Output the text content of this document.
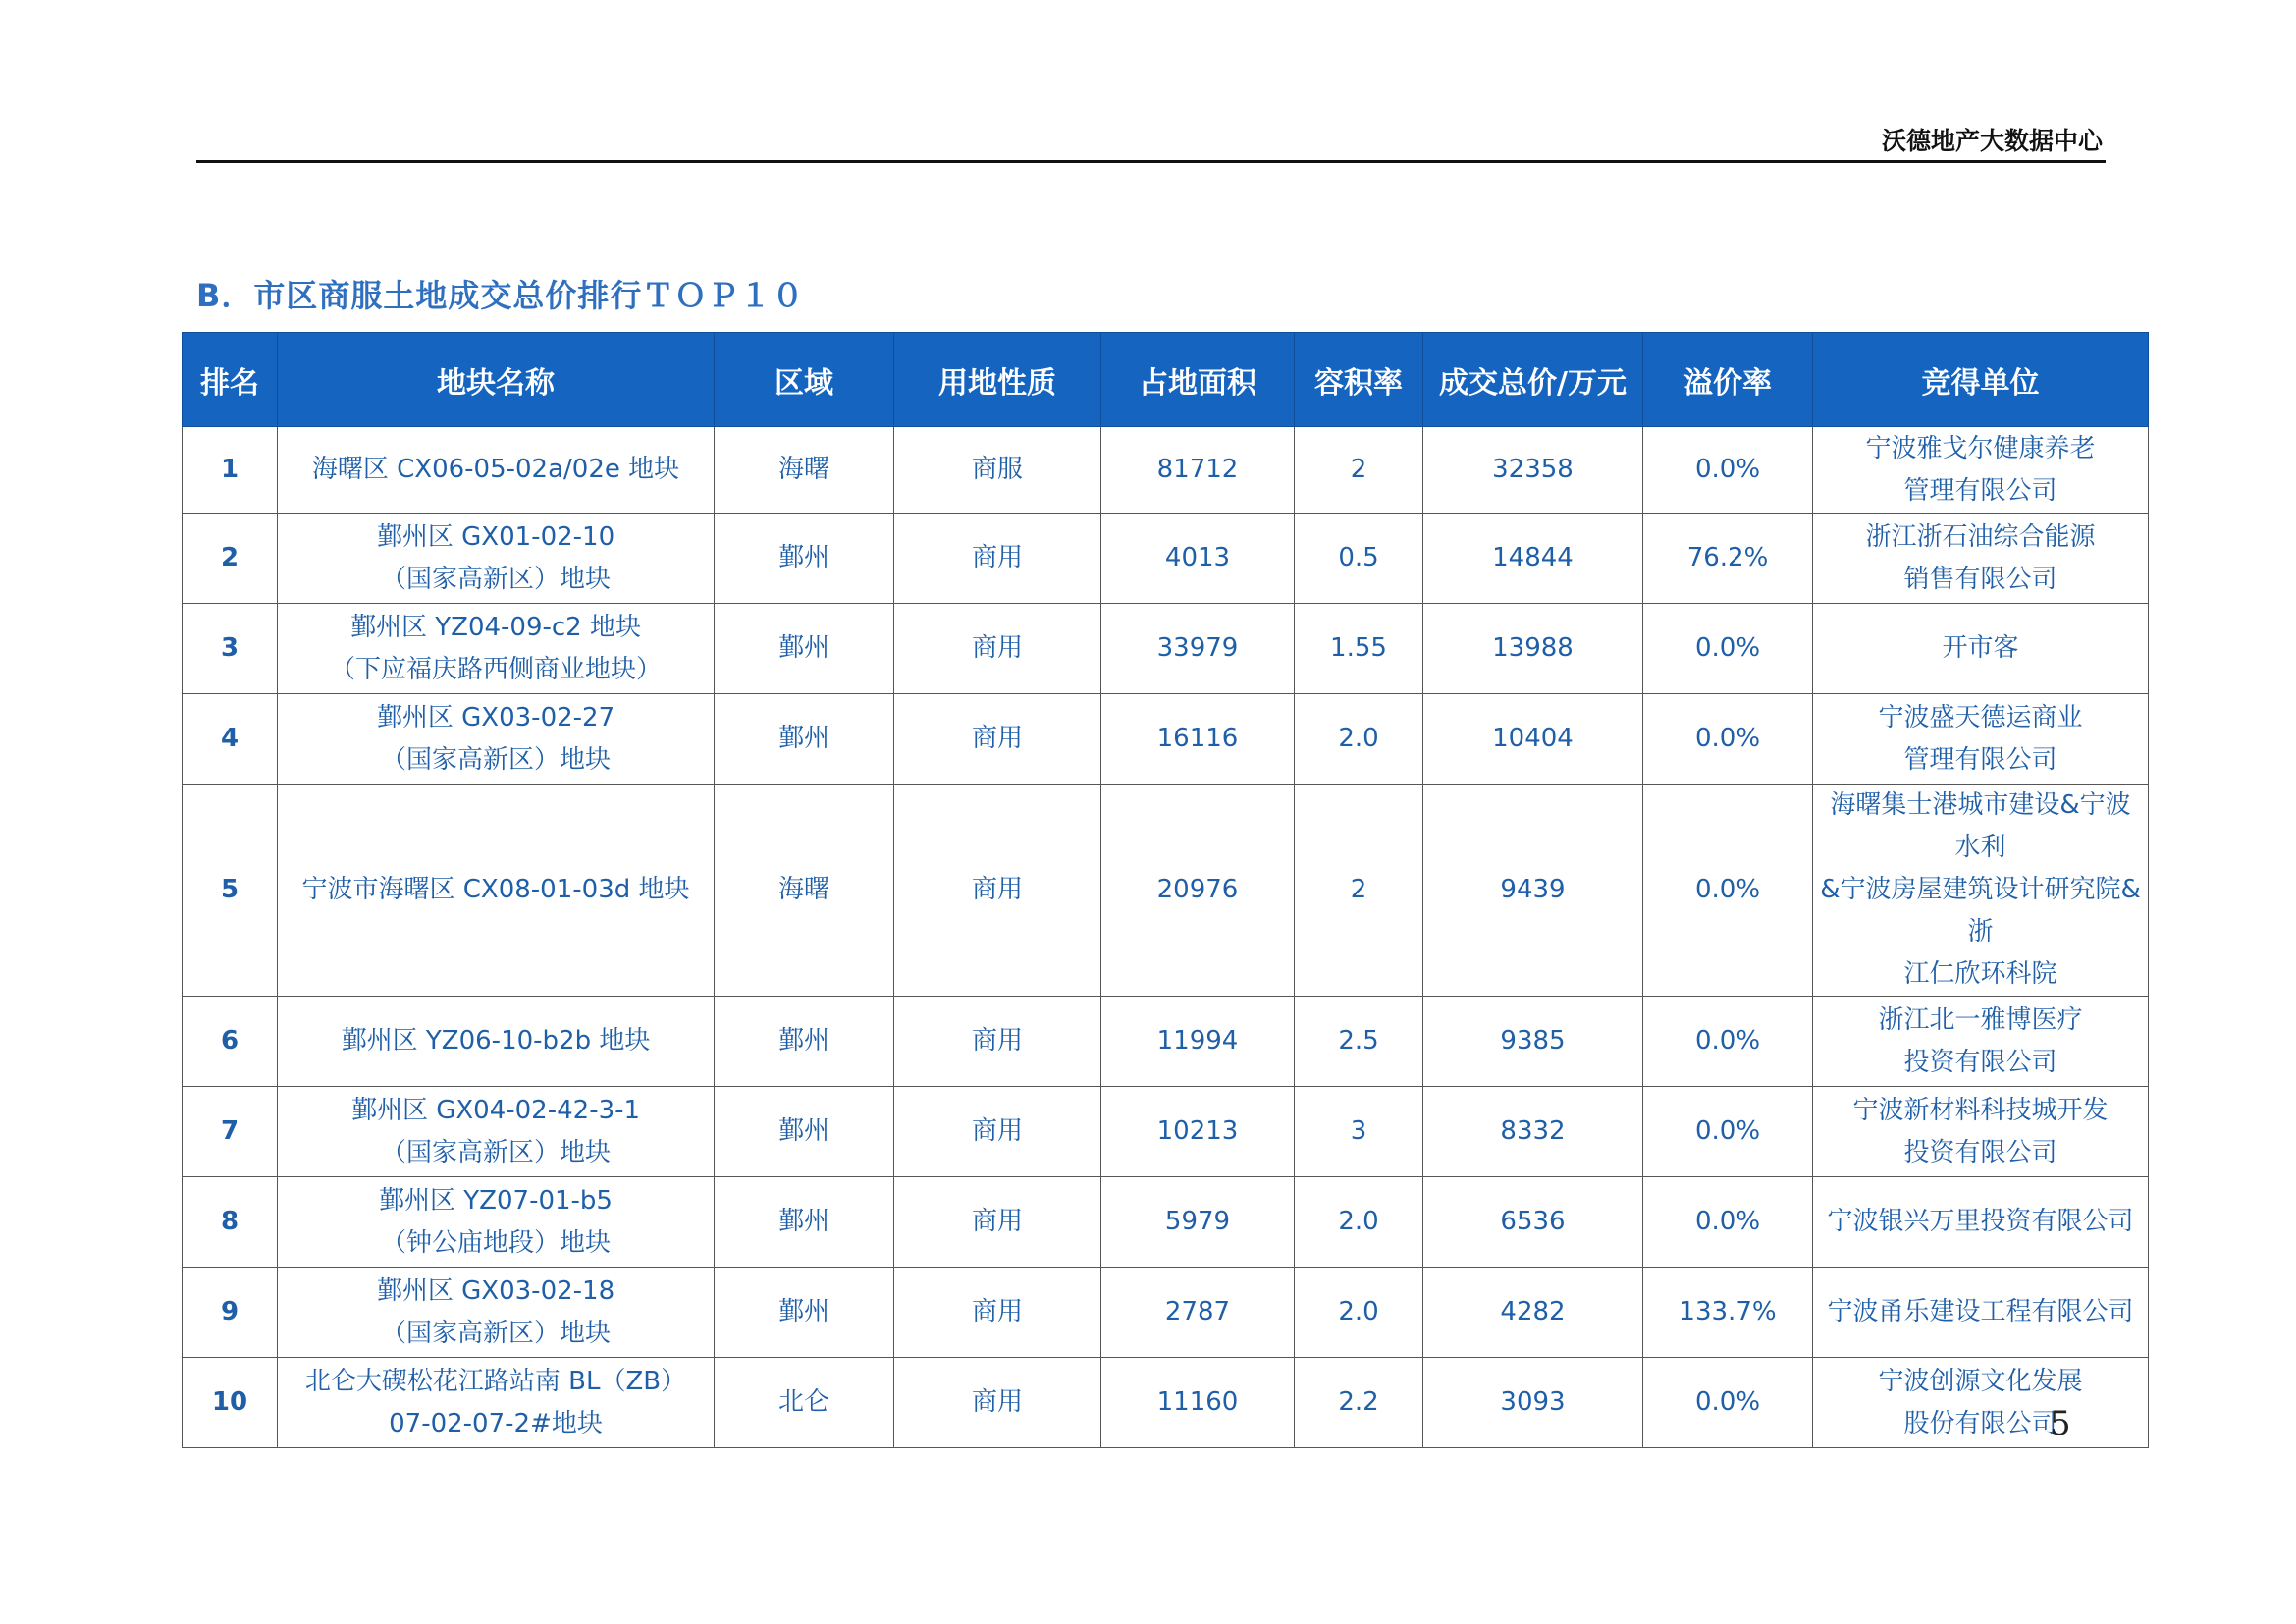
沃德地产大数据中心
B．市区商服土地成交总价排行ＴＯＰ１０
排名	地块名称	区域	用地性质	占地面积	容积率	成交总价/万元	溢价率	竞得单位
1	海曙区 CX06-05-02a/02e 地块	海曙	商服	81712	2	32358	0.0%	宁波雅戈尔健康养老
管理有限公司

2	鄞州区 GX01-02-10
（国家高新区）地块	鄞州	商用	4013	0.5	14844	76.2%	浙江浙石油综合能源
销售有限公司

3	鄞州区 YZ04-09-c2 地块
（下应福庆路西侧商业地块）	鄞州	商用	33979	1.55	13988	0.0%	开市客

4	鄞州区 GX03-02-27
（国家高新区）地块	鄞州	商用	16116	2.0	10404	0.0%	宁波盛天德运商业
管理有限公司

5	宁波市海曙区 CX08-01-03d 地块	海曙	商用	20976	2	9439	0.0%	海曙集士港城市建设&宁波水利
&宁波房屋建筑设计研究院&浙
江仁欣环科院

6	鄞州区 YZ06-10-b2b 地块	鄞州	商用	11994	2.5	9385	0.0%	浙江北一雅博医疗
投资有限公司

7	鄞州区 GX04-02-42-3-1
（国家高新区）地块	鄞州	商用	10213	3	8332	0.0%	宁波新材料科技城开发
投资有限公司

8	鄞州区 YZ07-01-b5
（钟公庙地段）地块	鄞州	商用	5979	2.0	6536	0.0%	宁波银兴万里投资有限公司

9	鄞州区 GX03-02-18
（国家高新区）地块	鄞州	商用	2787	2.0	4282	133.7%	宁波甬乐建设工程有限公司

10	北仑大碶松花江路站南 BL（ZB）
07-02-07-2#地块	北仑	商用	11160	2.2	3093	0.0%	宁波创源文化发展
股份有限公司
5
